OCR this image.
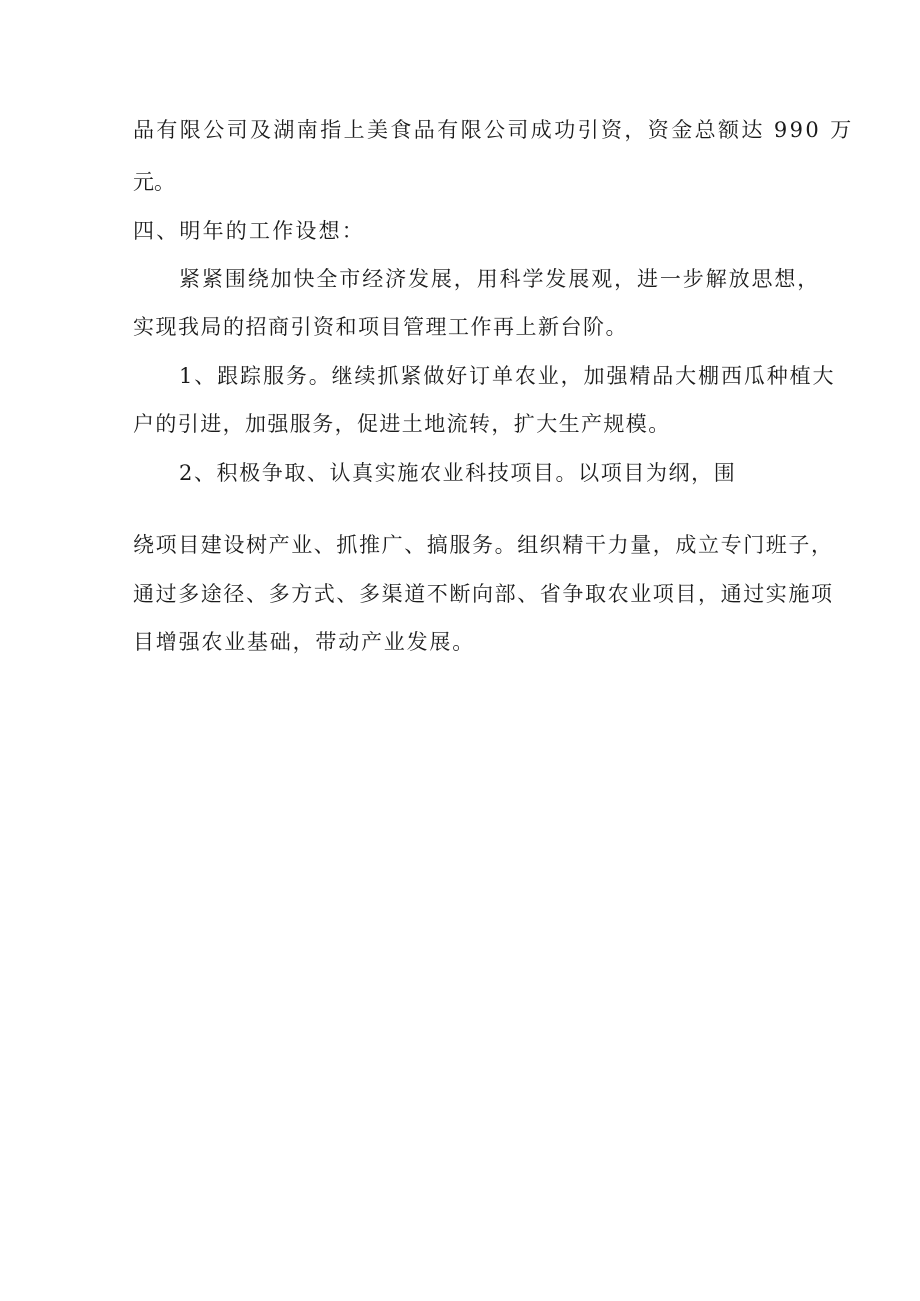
品有限公司及湖南指上美食品有限公司成功引资，资金总额达 990 万

元。

四、明年的工作设想：

紧紧围绕加快全市经济发展，用科学发展观，进一步解放思想，

实现我局的招商引资和项目管理工作再上新台阶。

1、跟踪服务。继续抓紧做好订单农业，加强精品大棚西瓜种植大

户的引进，加强服务，促进土地流转，扩大生产规模。

2、积极争取、认真实施农业科技项目。以项目为纲，围

绕项目建设树产业、抓推广、搞服务。组织精干力量，成立专门班子，

通过多途径、多方式、多渠道不断向部、省争取农业项目，通过实施项

目增强农业基础，带动产业发展。
